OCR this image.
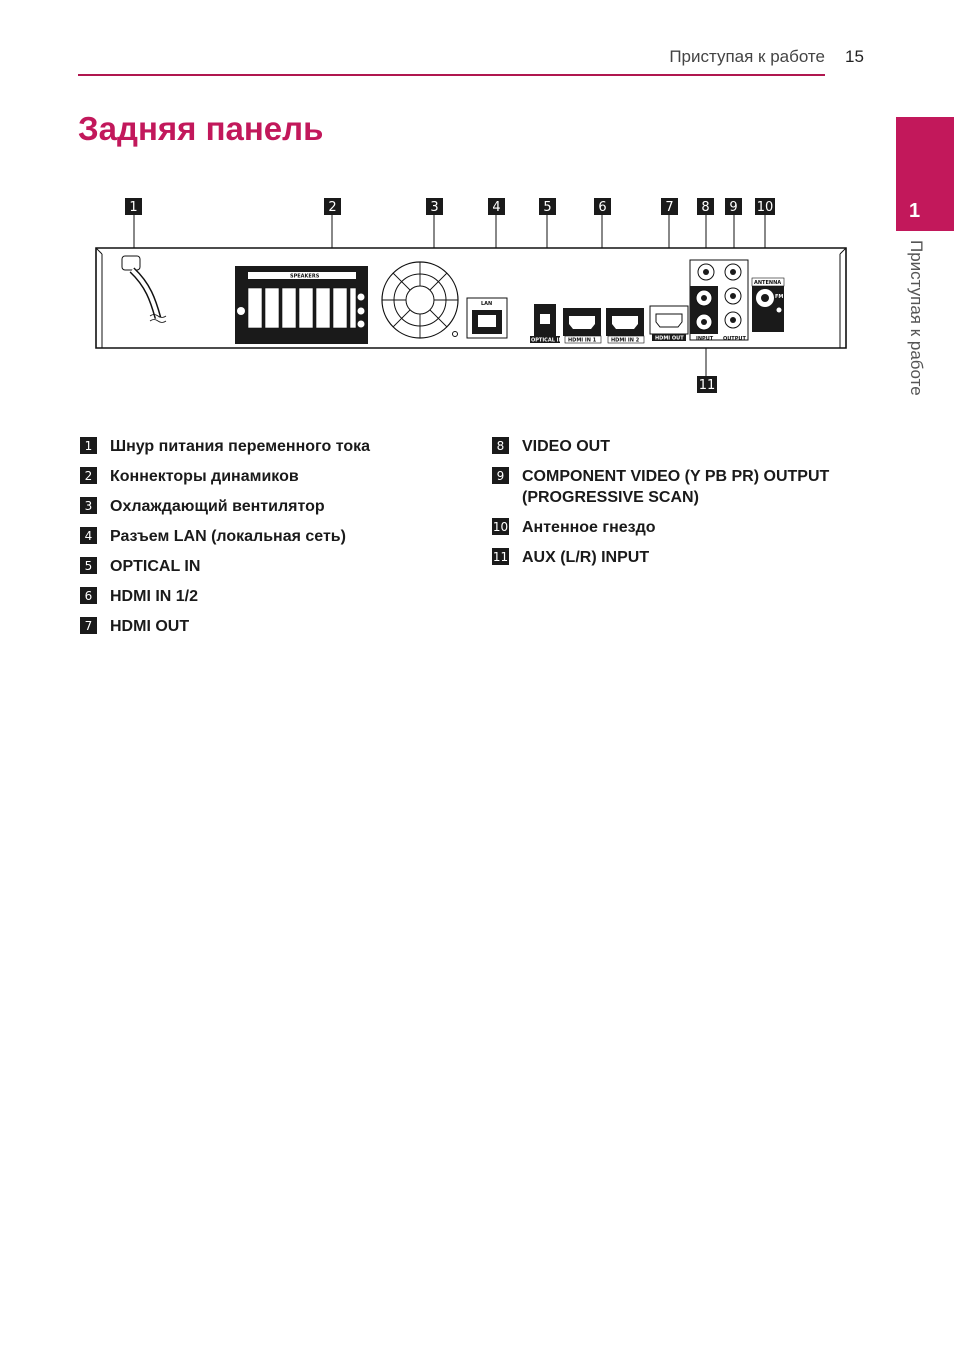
Приступая к работе 15
Задняя панель
1
Приступая к работе
SPEAKERS
LAN
OPTICAL IN HDMI IN 1	HDMI IN 2	HDMI OUT INPUT OUTPUT
ANTENNA
FM
1	2	3	4	5	6	7 8 9 10
11
1 Шнур питания переменного тока
2 Коннекторы динамиков
3 Охлаждающий вентилятор
4 Разъем LAN (локальная сеть)
5 OPTICAL IN
6 HDMI IN 1/2
7 HDMI OUT
8 VIDEO OUT
9 COMPONENT VIDEO (Y PB PR) OUTPUT (PROGRESSIVE SCAN)
10 Антенное гнездо
11 AUX (L/R) INPUT
